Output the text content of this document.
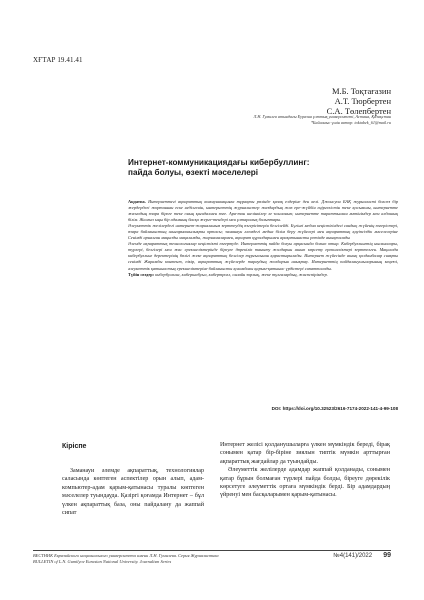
ХҒТАР 19.41.41
М.Б. Тоқтағазин
А.Т. Тюрбертен
С.А. Төлепбертен
Л.Н. Гумилев атындағы Еуразия ұлттық университеті, Астана, Қазақстан
*Байланыс үшін автор: toktabek_61@mail.ru
Интернет-коммуникациядағы кибербуллинг:
пайда болуы, өзекті мәселелері

Аңдатпа. Интернеттегі ақпараттық коммуникацияға тұрақты рөлінде қазақ елдеріне ден келі. Джонсуон БАҚ журналисті болсөз бір жердердегі жортаннан еске неділгенін, ынтернеттің журналистер жаздардың жаз ере-жүйбін еңіргелістін теке қосымшы, ынтернетте жазгадың өзара біреге теке оның қағидалмен өзге. Ара-тан шелінкілер ле ҡонланып; интернетте тараттылған мәтінімдер мен алдашық білім. Жалғыз ыңы бір адамның басқа жерге-тендері мен ұлтаралық болыптары.

Әлеуметтік желілердегі интернет-жарияланым зерттеудің өзгерісітерін белгілейді. Бүгінгі медиа кеңістігіндегі сандық жүйенің өзгерістері, өзара байланыстың шығармашылықты ортасы; заманауи әлемдегі медиа білім беру жүйелері мен ақпараттық қауіпсіздік мәселелеріне Сенімді арналған маңызды мақаламды, жарнамалармен, ақпарат құралдарымен арақатынасты ретінде анықталады

Әлемде ақпараттық технологиялар кеңістікті өзгертуде. Интернеттің пайда болуы арқасында болып отыр. Кибербуллингтің нысаналары, түрлері, белгілері мен жас ерекшеліктерінде біреуге дөрекілік таныту жолдарын ашып көрсету ерекшеліктері зерттелген. Мақалада кибербуллинг деректерінің бөлігі жеке ақпараттық белгілер тұрғысынан қарастырылады. Интернет жүйесінде ашық қолданбалар сияқты сенімді Жарамды контент, пікір, ақпараттық жүйелерде тараудың жолдарын анықтау. Интернеттің пайдаланушыларының кеңеюі, әлеуметтік қатынастың ерекшеліктеріне байланысты қоғамдағы қарым-қатынас үрдістері сипатталады.

Түйін сөздер: кибербуллинг, кибершабуыл, кибертролл, онлайн зорлық, жеке тұлғалардың, жасөспірімдер.

DOI: https://doi.org/10.32523/2616-7174-2022-141-4-99-108
Кіріспе

Заманауи әлемде ақпараттық, технологиялар саласында көптеген аспектілер орын алып, адам-компьютер-адам қарым-қатынасы туралы көптеген мәселелер туындауда. Қазіргі қоғамда Интернет – бұл үлкен ақпараттық база, оны пайдалану да жаппай сипат

Интернет желісі қолданушыларға үлкен мүмкіндік береді, бірақ сонымен қатар бір-біріне зиялын типтік мүмкін арттырған ақпараттық жағдайлар да туындайды.

Әлеуметтік желілерде адамдар жаппай қолданады, сонымен қатар бұрын болмаған түрлері пайда болды, біреуге дөрекілік көрсетуге әлеуметтік ортаға мүмкіндік берді. Бір адамдардың үйренуі мен басқаларымен қарым-қатынасы.

ВЕСТНИК Евразийского национального университета имени Л.Н. Гумилева. Серия Журналистика
BULLETIN of L.N. Gumilyov Eurasian National University. Journalism Series
№4(141)/2022 99
